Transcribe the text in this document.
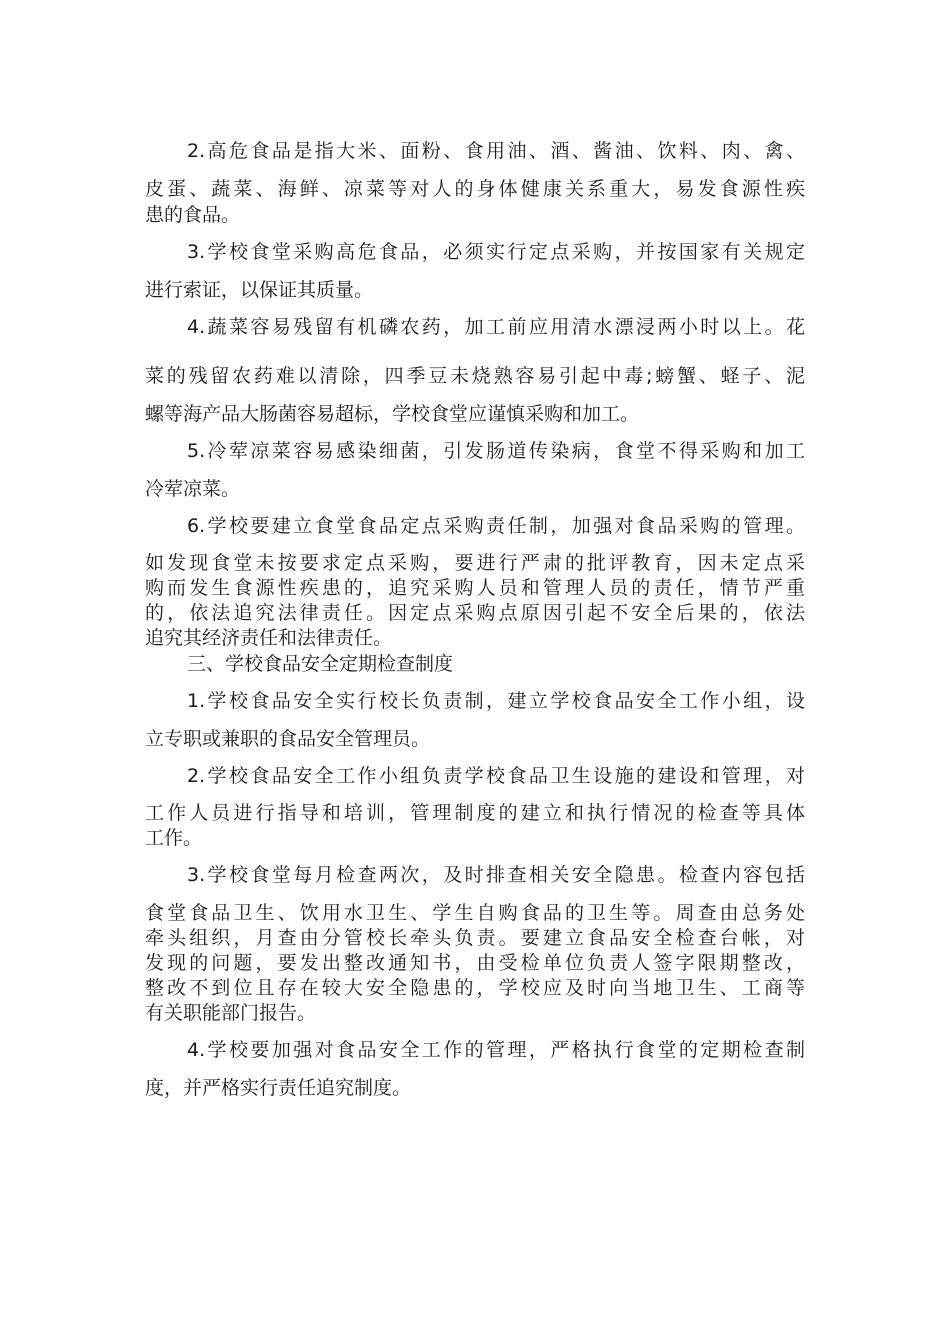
2.高危食品是指大米、面粉、食用油、酒、酱油、饮料、肉、禽、
皮蛋、蔬菜、海鲜、凉菜等对人的身体健康关系重大，易发食源性疾
患的食品。
3.学校食堂采购高危食品，必须实行定点采购，并按国家有关规定
进行索证，以保证其质量。
4.蔬菜容易残留有机磷农药，加工前应用清水漂浸两小时以上。花
菜的残留农药难以清除，四季豆未烧熟容易引起中毒;螃蟹、蛏子、泥
螺等海产品大肠菌容易超标，学校食堂应谨慎采购和加工。
5.冷荤凉菜容易感染细菌，引发肠道传染病，食堂不得采购和加工
冷荤凉菜。
6.学校要建立食堂食品定点采购责任制，加强对食品采购的管理。
如发现食堂未按要求定点采购，要进行严肃的批评教育，因未定点采
购而发生食源性疾患的，追究采购人员和管理人员的责任，情节严重
的，依法追究法律责任。因定点采购点原因引起不安全后果的，依法
追究其经济责任和法律责任。
三、学校食品安全定期检查制度
1.学校食品安全实行校长负责制，建立学校食品安全工作小组，设
立专职或兼职的食品安全管理员。
2.学校食品安全工作小组负责学校食品卫生设施的建设和管理，对
工作人员进行指导和培训，管理制度的建立和执行情况的检查等具体
工作。
3.学校食堂每月检查两次，及时排查相关安全隐患。检查内容包括
食堂食品卫生、饮用水卫生、学生自购食品的卫生等。周查由总务处
牵头组织，月查由分管校长牵头负责。要建立食品安全检查台帐，对
发现的问题，要发出整改通知书，由受检单位负责人签字限期整改，
整改不到位且存在较大安全隐患的，学校应及时向当地卫生、工商等
有关职能部门报告。
4.学校要加强对食品安全工作的管理，严格执行食堂的定期检查制
度，并严格实行责任追究制度。
